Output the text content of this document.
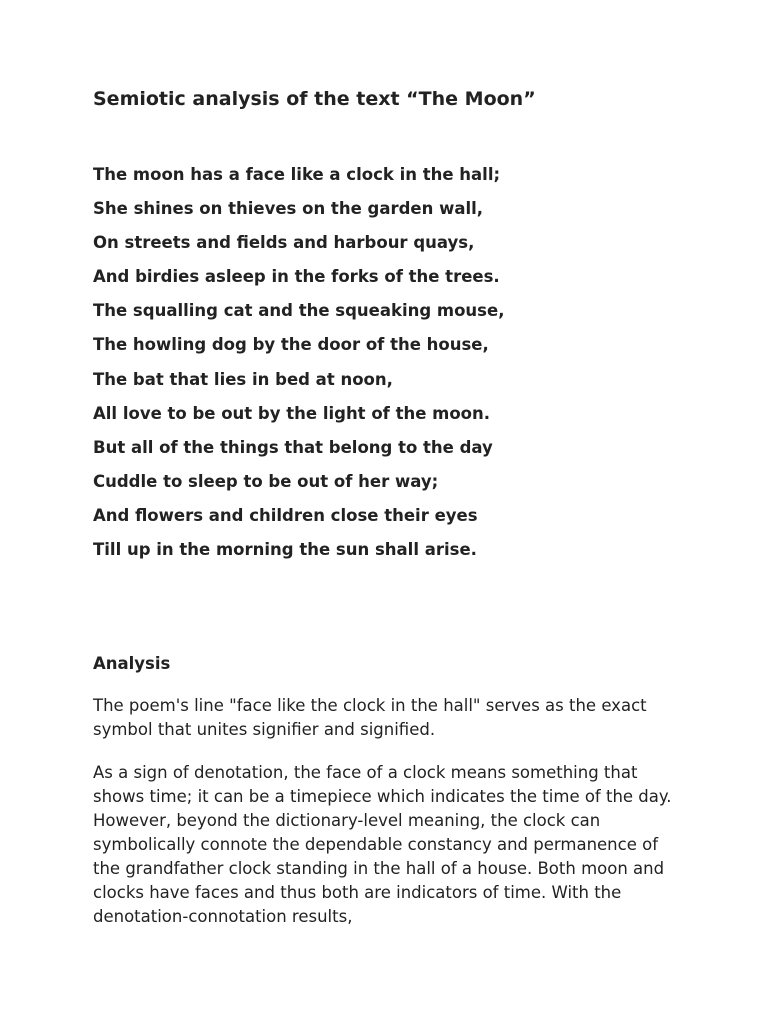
Semiotic analysis of the text “The Moon”
The moon has a face like a clock in the hall;
She shines on thieves on the garden wall,
On streets and fields and harbour quays,
And birdies asleep in the forks of the trees.
The squalling cat and the squeaking mouse,
The howling dog by the door of the house,
The bat that lies in bed at noon,
All love to be out by the light of the moon.
But all of the things that belong to the day
Cuddle to sleep to be out of her way;
And flowers and children close their eyes
Till up in the morning the sun shall arise.
Analysis

The poem's line "face like the clock in the hall" serves as the exact symbol that unites signifier and signified.

As a sign of denotation, the face of a clock means something that shows time; it can be a timepiece which indicates the time of the day. However, beyond the dictionary-level meaning, the clock can symbolically connote the dependable constancy and permanence of the grandfather clock standing in the hall of a house. Both moon and clocks have faces and thus both are indicators of time. With the denotation-connotation results,
